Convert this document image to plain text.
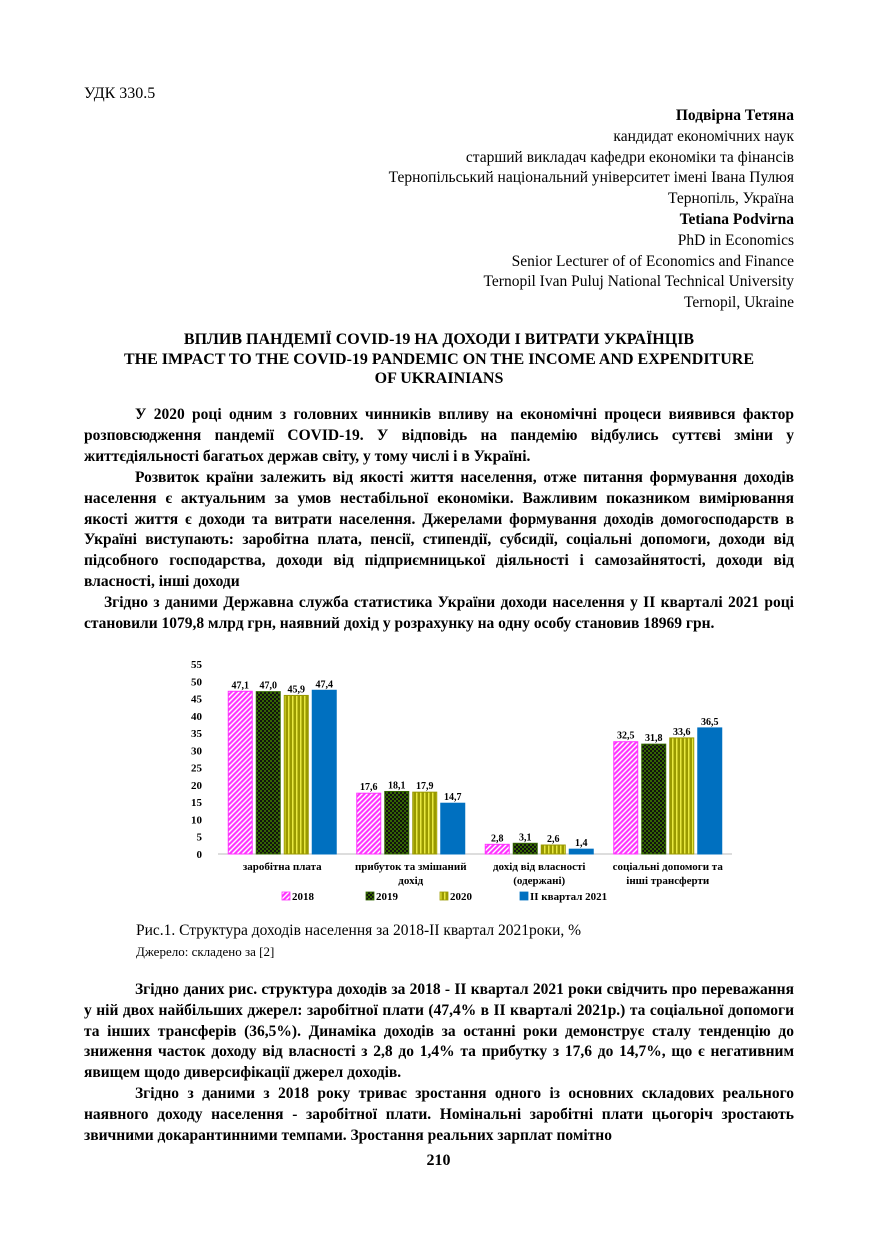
УДК 330.5
Подвірна Тетяна
кандидат економічних наук
старший викладач кафедри економіки та фінансів
Тернопільський національний університет імені Івана Пулюя
Тернопіль, Україна
Tetiana Podvirna
PhD in Economics
Senior Lecturer of of Economics and Finance
Ternopil Ivan Puluj National Technical University
Ternopil, Ukraine
ВПЛИВ ПАНДЕМІЇ COVID-19 НА ДОХОДИ І ВИТРАТИ УКРАЇНЦІВ
THE IMPACT TO THE COVID-19 PANDEMIC ON THE INCOME AND EXPENDITURE
OF UKRAINIANS

У 2020 році одним з головних чинників впливу на економічні процеси виявився фактор розповсюдження пандемії COVID-19. У відповідь на пандемію відбулись суттєві зміни у життєдіяльності багатьох держав світу, у тому числі і в Україні.

Розвиток країни залежить від якості життя населення, отже питання формування доходів населення є актуальним за умов нестабільної економіки. Важливим показником вимірювання якості життя є доходи та витрати населення. Джерелами формування доходів домогосподарств в Україні виступають: заробітна плата, пенсії, стипендії, субсидії, соціальні допомоги, доходи від підсобного господарства, доходи від підприємницької діяльності і самозайнятості, доходи від власності, інші доходи

Згідно з даними Державна служба статистика України доходи населення у ІІ кварталі 2021 році становили 1079,8 млрд грн, наявний дохід у розрахунку на одну особу становив 18969 грн.

0
5
10
15
20
25
30
35
40
45
50
55
47,1 47,0 45,9 47,4
заробітна плата
17,6 18,1 17,9
14,7
прибуток та змішаний
дохід
2,8 3,1 2,6 1,4
дохід від власності
(одержані)
32,5 31,8
33,6
36,5
соціальні допомоги та
інші трансферти
2018	2019	2020	ІІ квартал 2021
Рис.1. Структура доходів населення за 2018-ІІ квартал 2021роки, %
Джерело: складено за [2]

Згідно даних рис. структура доходів за 2018 - ІІ квартал 2021 роки свідчить про переважання у ній двох найбільших джерел: заробітної плати (47,4% в ІІ кварталі 2021р.) та соціальної допомоги та інших трансферів (36,5%). Динаміка доходів за останні роки демонструє сталу тенденцію до зниження часток доходу від власності з 2,8 до 1,4% та прибутку з 17,6 до 14,7%, що є негативним явищем щодо диверсифікації джерел доходів.

Згідно з даними з 2018 року триває зростання одного із основних складових реального наявного доходу населення - заробітної плати. Номінальні заробітні плати цьогоріч зростають звичними докарантинними темпами. Зростання реальних зарплат помітно

210
